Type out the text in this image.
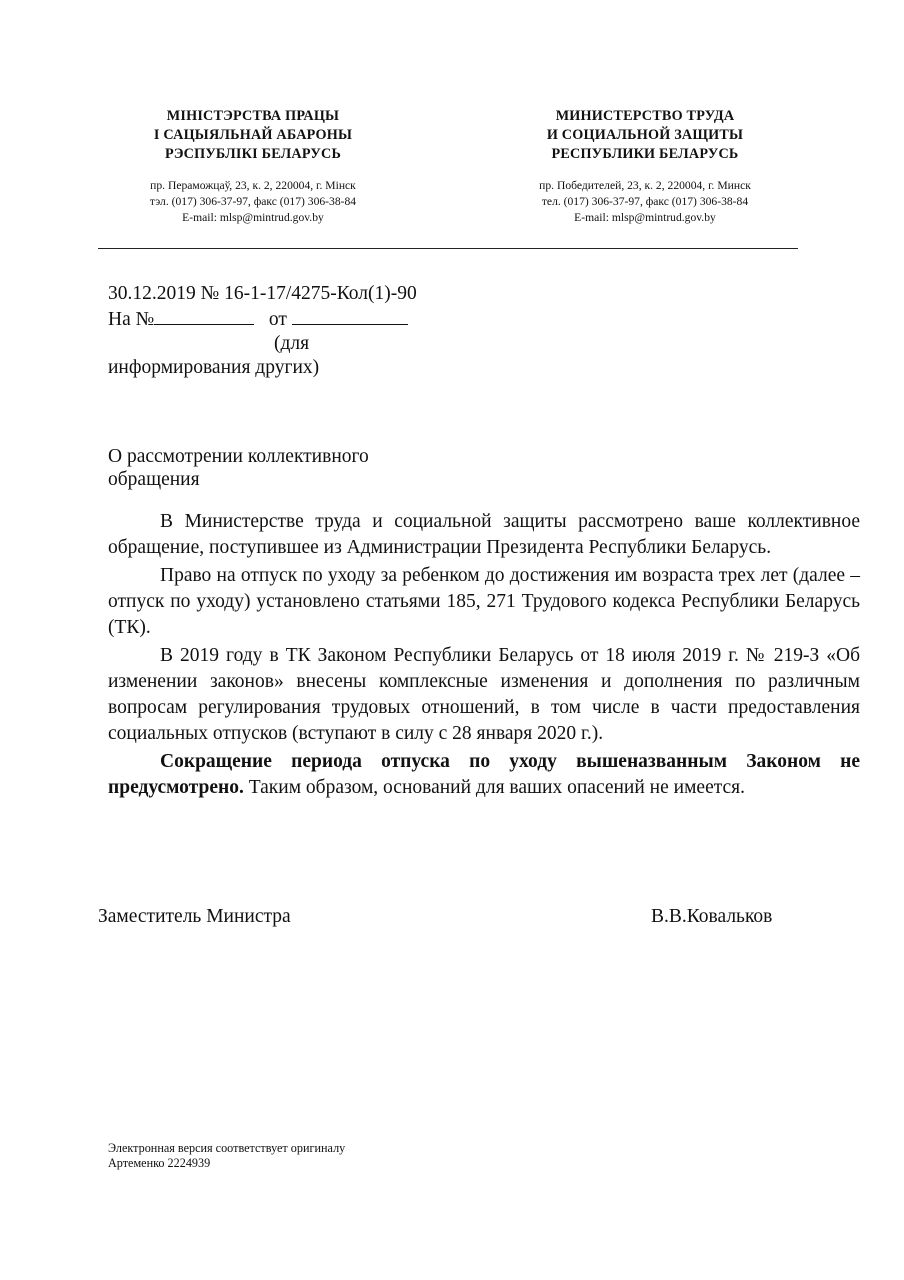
МІНІСТЭРСТВА ПРАЦЫ
І САЦЫЯЛЬНАЙ АБАРОНЫ
РЭСПУБЛІКІ БЕЛАРУСЬ
МИНИСТЕРСТВО ТРУДА
И СОЦИАЛЬНОЙ ЗАЩИТЫ
РЕСПУБЛИКИ БЕЛАРУСЬ
пр. Пераможцаў, 23, к. 2, 220004, г. Мінск
тэл. (017) 306-37-97, факс (017) 306-38-84
E-mail: mlsp@mintrud.gov.by
пр. Победителей, 23, к. 2, 220004, г. Минск
тел. (017) 306-37-97, факс (017) 306-38-84
E-mail: mlsp@mintrud.gov.by
30.12.2019 № 16-1-17/4275-Кол(1)-90
На №	от
(для
информирования других)
О рассмотрении коллективного
обращения

В Министерстве труда и социальной защиты рассмотрено ваше коллективное обращение, поступившее из Администрации Президента Республики Беларусь.

Право на отпуск по уходу за ребенком до достижения им возраста трех лет (далее – отпуск по уходу) установлено статьями 185, 271 Трудового кодекса Республики Беларусь (ТК).

В 2019 году в ТК Законом Республики Беларусь от 18 июля 2019 г. № 219-З «Об изменении законов» внесены комплексные изменения и дополнения по различным вопросам регулирования трудовых отношений, в том числе в части предоставления социальных отпусков (вступают в силу с 28 января 2020 г.).

Сокращение периода отпуска по уходу вышеназванным Законом не предусмотрено. Таким образом, оснований для ваших опасений не имеется.

Заместитель Министра	В.В.Ковальков
Электронная версия соответствует оригиналу
Артеменко 2224939
